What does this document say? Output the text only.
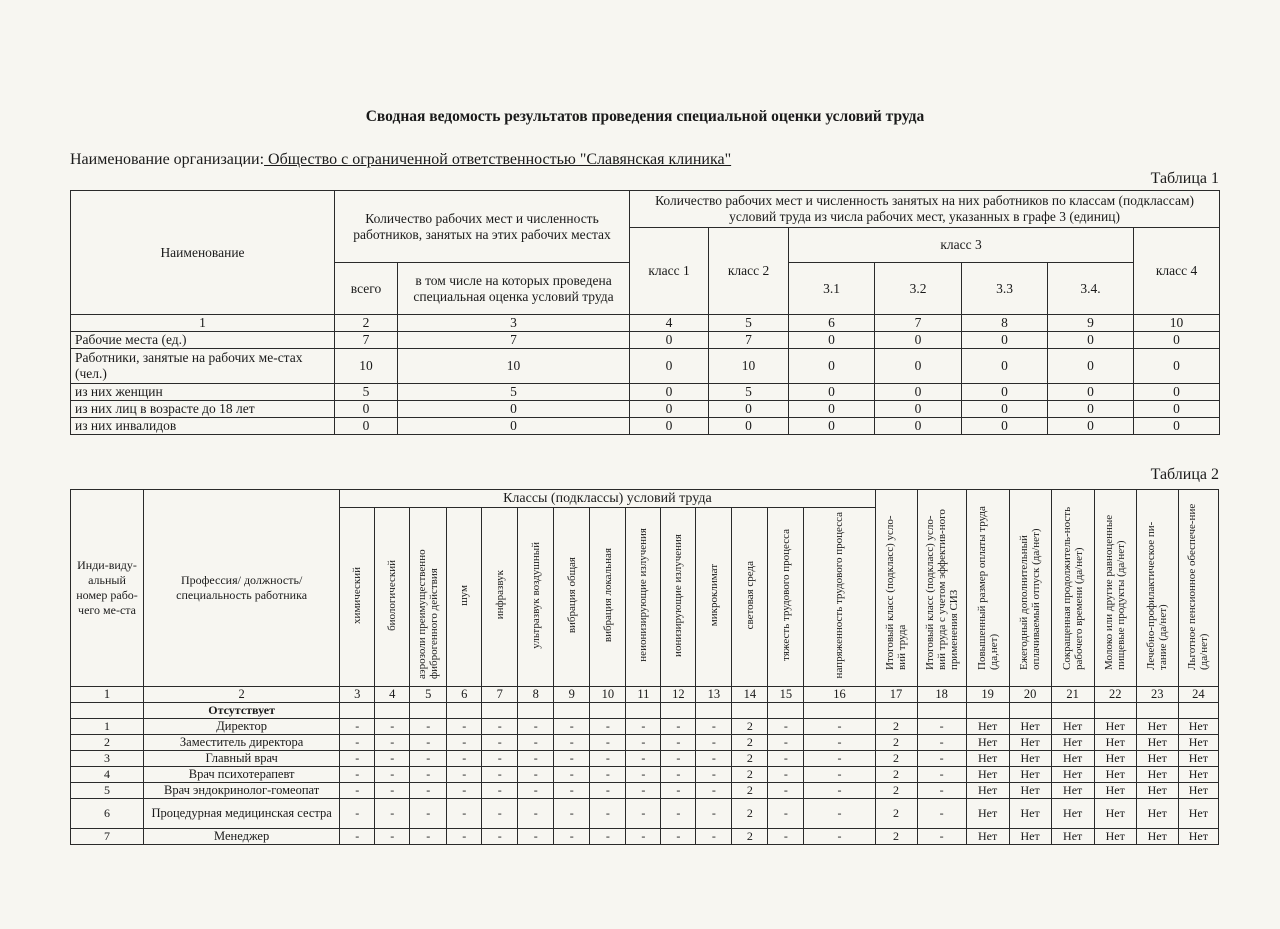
Сводная ведомость результатов проведения специальной оценки условий труда
Наименование организации: Общество с ограниченной ответственностью "Славянская клиника"
Таблица 1
Наименование	Количество рабочих мест и численность работников, занятых на этих рабочих местах		Количество рабочих мест и численность занятых на них работников по классам (подклассам) условий труда из числа рабочих мест, указанных в графе 3 (единиц)						
			класс 1	класс 2	класс 3				класс 4
	всего	в том числе на которых проведена специальная оценка условий труда			3.1	3.2	3.3	3.4.	
1	2	3	4	5	6	7	8	9	10
Рабочие места (ед.)	7	7	0	7	0	0	0	0	0
Работники, занятые на рабочих ме-стах (чел.)	10	10	0	10	0	0	0	0	0
из них женщин	5	5	0	5	0	0	0	0	0
из них лиц в возрасте до 18 лет	0	0	0	0	0	0	0	0	0
из них инвалидов	0	0	0	0	0	0	0	0	0
Таблица 2
Инди-виду-альный номер рабо-чего ме-ста	Профессия/ должность/ специальность работника	Классы (подклассы) условий труда														Итоговый класс (подкласс) усло-вий труда	Итоговый класс (подкласс) усло-вий труда с учетом эффектив-ного применения СИЗ	Повышенный размер оплаты труда (да,нет)	Ежегодный дополнительный оплачиваемый отпуск (да/нет)	Сокращенная продолжитель-ность рабочего времени (да/нет)	Молоко или другие равноценные пищевые продукты (да/нет)	Лечебно-профилактическое пи-тание (да/нет)	Льготное пенсионное обеспече-ние (да/нет)
		химический	биологический	аэрозоли преимущественно фиброгенного действия	шум	инфразвук	ультразвук воздушный	вибрация общая	вибрация локальная	неионизирующие излучения	ионизирующие излучения	микроклимат	световая среда	тяжесть трудового процесса	напряженность трудового процесса								
1	2	3	4	5	6	7	8	9	10	11	12	13	14	15	16	17	18	19	20	21	22	23	24
	Отсутствует																						
1	Директор	-	-	-	-	-	-	-	-	-	-	-	2	-	-	2	-	Нет	Нет	Нет	Нет	Нет	Нет
2	Заместитель директора	-	-	-	-	-	-	-	-	-	-	-	2	-	-	2	-	Нет	Нет	Нет	Нет	Нет	Нет
3	Главный врач	-	-	-	-	-	-	-	-	-	-	-	2	-	-	2	-	Нет	Нет	Нет	Нет	Нет	Нет
4	Врач психотерапевт	-	-	-	-	-	-	-	-	-	-	-	2	-	-	2	-	Нет	Нет	Нет	Нет	Нет	Нет
5	Врач эндокринолог-гомеопат	-	-	-	-	-	-	-	-	-	-	-	2	-	-	2	-	Нет	Нет	Нет	Нет	Нет	Нет
6	Процедурная медицинская сестра	-	-	-	-	-	-	-	-	-	-	-	2	-	-	2	-	Нет	Нет	Нет	Нет	Нет	Нет
7	Менеджер	-	-	-	-	-	-	-	-	-	-	-	2	-	-	2	-	Нет	Нет	Нет	Нет	Нет	Нет
